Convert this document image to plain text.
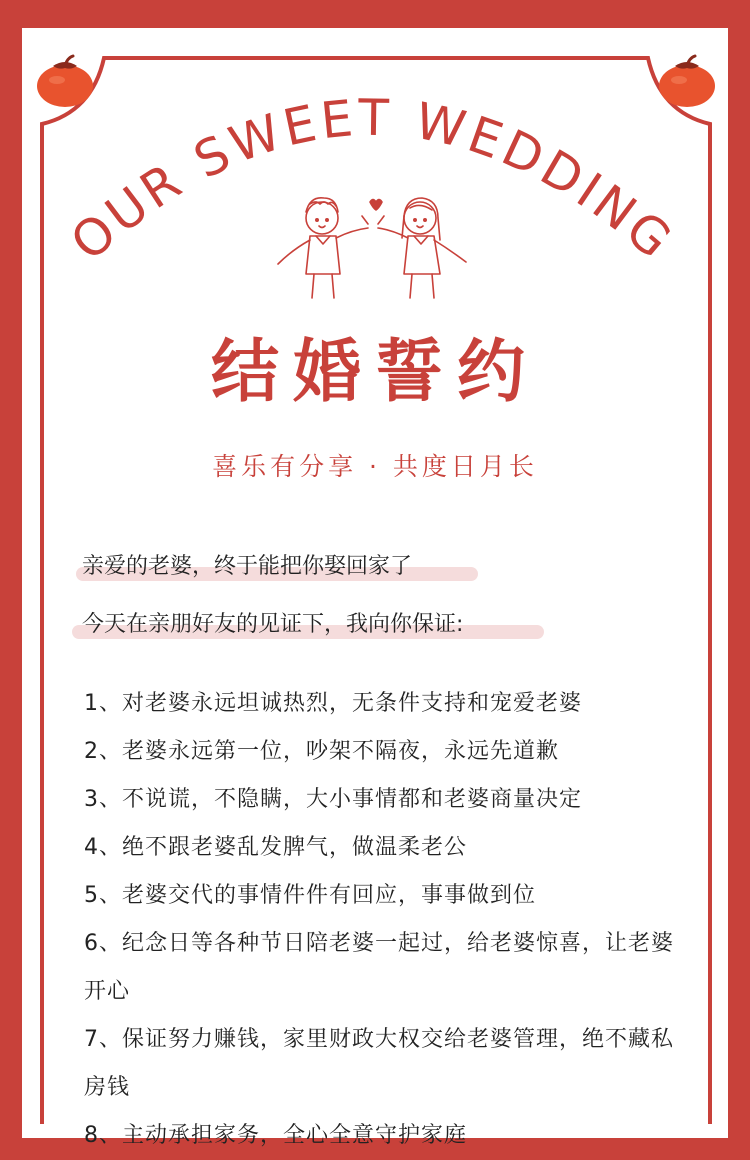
OUR SWEET WEDDING
结婚誓约
喜乐有分享 · 共度日月长
亲爱的老婆，终于能把你娶回家了
今天在亲朋好友的见证下，我向你保证:
1、对老婆永远坦诚热烈，无条件支持和宠爱老婆
2、老婆永远第一位，吵架不隔夜，永远先道歉
3、不说谎，不隐瞒，大小事情都和老婆商量决定
4、绝不跟老婆乱发脾气，做温柔老公
5、老婆交代的事情件件有回应，事事做到位
6、纪念日等各种节日陪老婆一起过，给老婆惊喜，让老婆开心
7、保证努力赚钱，家里财政大权交给老婆管理，绝不藏私房钱
8、主动承担家务，全心全意守护家庭
